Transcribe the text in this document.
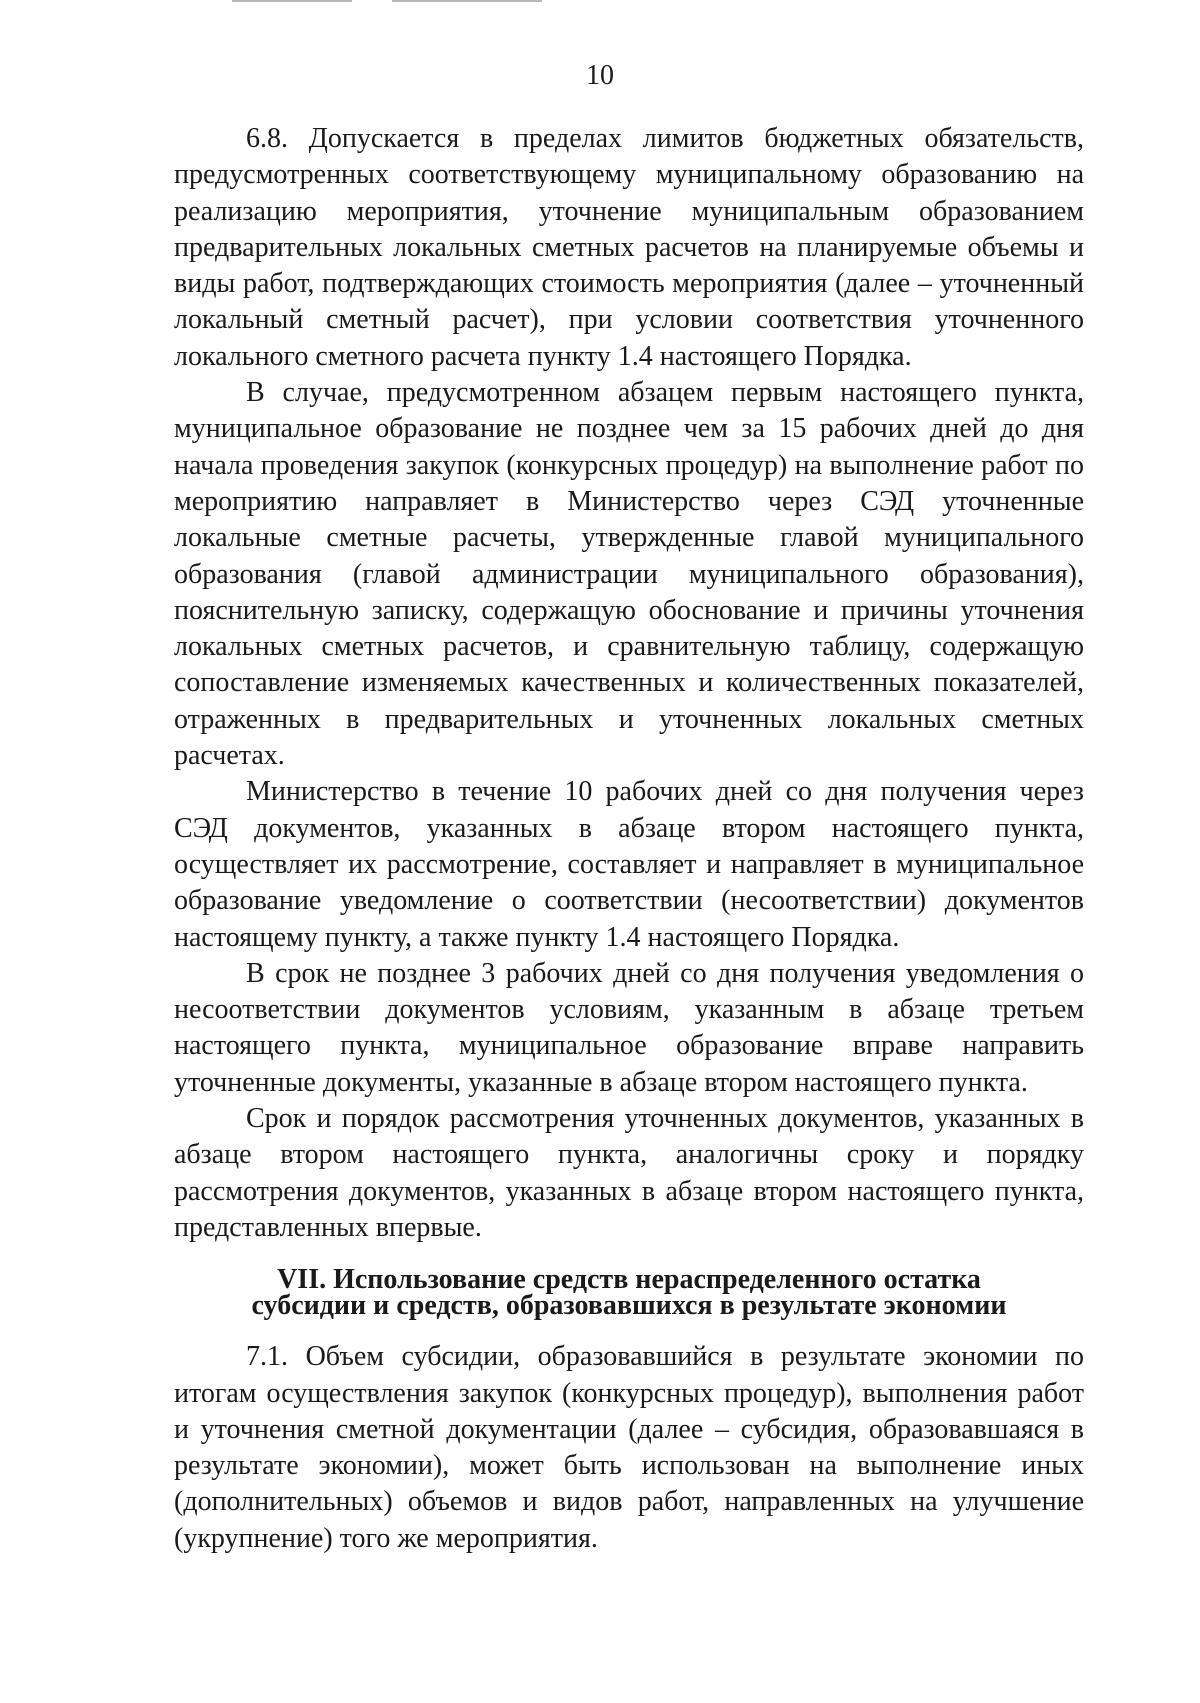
10

6.8. Допускается в пределах лимитов бюджетных обязательств, предусмотренных соответствующему муниципальному образованию на реализацию мероприятия, уточнение муниципальным образованием предварительных локальных сметных расчетов на планируемые объемы и виды работ, подтверждающих стоимость мероприятия (далее – уточненный локальный сметный расчет), при условии соответствия уточненного локального сметного расчета пункту 1.4 настоящего Порядка.

В случае, предусмотренном абзацем первым настоящего пункта, муниципальное образование не позднее чем за 15 рабочих дней до дня начала проведения закупок (конкурсных процедур) на выполнение работ по мероприятию направляет в Министерство через СЭД уточненные локальные сметные расчеты, утвержденные главой муниципального образования (главой администрации муниципального образования), пояснительную записку, содержащую обоснование и причины уточнения локальных сметных расчетов, и сравнительную таблицу, содержащую сопоставление изменяемых качественных и количественных показателей, отраженных в предварительных и уточненных локальных сметных расчетах.

Министерство в течение 10 рабочих дней со дня получения через СЭД документов, указанных в абзаце втором настоящего пункта, осуществляет их рассмотрение, составляет и направляет в муниципальное образование уведомление о соответствии (несоответствии) документов настоящему пункту, а также пункту 1.4 настоящего Порядка.

В срок не позднее 3 рабочих дней со дня получения уведомления о несоответствии документов условиям, указанным в абзаце третьем настоящего пункта, муниципальное образование вправе направить уточненные документы, указанные в абзаце втором настоящего пункта.

Срок и порядок рассмотрения уточненных документов, указанных в абзаце втором настоящего пункта, аналогичны сроку и порядку рассмотрения документов, указанных в абзаце втором настоящего пункта, представленных впервые.

VII. Использование средств нераспределенного остатка
субсидии и средств, образовавшихся в результате экономии

7.1. Объем субсидии, образовавшийся в результате экономии по итогам осуществления закупок (конкурсных процедур), выполнения работ и уточнения сметной документации (далее – субсидия, образовавшаяся в результате экономии), может быть использован на выполнение иных (дополнительных) объемов и видов работ, направленных на улучшение (укрупнение) того же мероприятия.
